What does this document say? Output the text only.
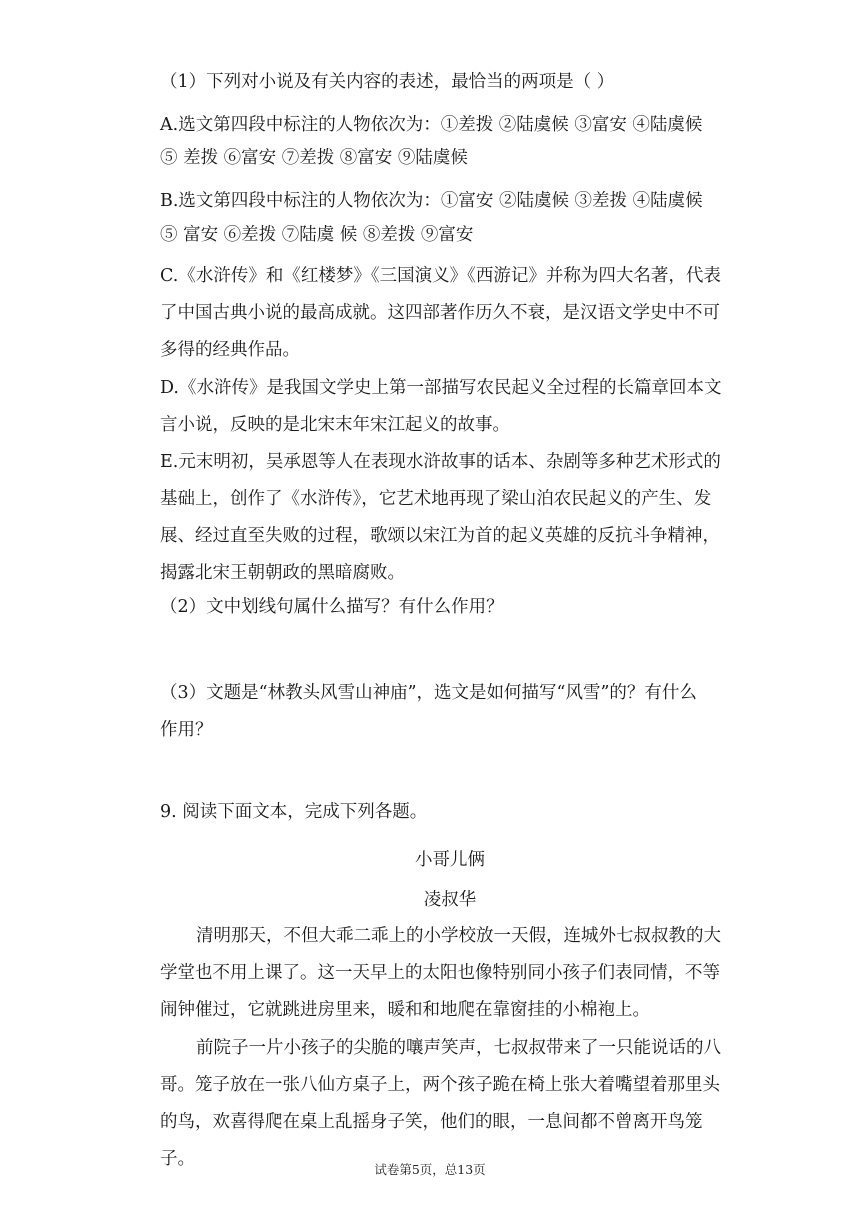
（1）下列对小说及有关内容的表述，最恰当的两项是（ ）
A.选文第四段中标注的人物依次为：①差拨 ②陆虞候 ③富安 ④陆虞候
⑤ 差拨 ⑥富安 ⑦差拨 ⑧富安 ⑨陆虞候
B.选文第四段中标注的人物依次为：①富安 ②陆虞候 ③差拨 ④陆虞候
⑤ 富安 ⑥差拨 ⑦陆虞 候 ⑧差拨 ⑨富安
C.《水浒传》和《红楼梦》《三国演义》《西游记》并称为四大名著，代表了中国古典小说的最高成就。这四部著作历久不衰，是汉语文学史中不可多得的经典作品。
D.《水浒传》是我国文学史上第一部描写农民起义全过程的长篇章回本文言小说，反映的是北宋末年宋江起义的故事。
E.元末明初，吴承恩等人在表现水浒故事的话本、杂剧等多种艺术形式的基础上，创作了《水浒传》，它艺术地再现了梁山泊农民起义的产生、发展、经过直至失败的过程，歌颂以宋江为首的起义英雄的反抗斗争精神，揭露北宋王朝朝政的黑暗腐败。
（2）文中划线句属什么描写？有什么作用？
（3）文题是“林教头风雪山神庙”，选文是如何描写“风雪”的？有什么作用？
9. 阅读下面文本，完成下列各题。
小哥儿俩
凌叔华
清明那天，不但大乖二乖上的小学校放一天假，连城外七叔叔教的大学堂也不用上课了。这一天早上的太阳也像特别同小孩子们表同情，不等闹钟催过，它就跳进房里来，暖和和地爬在靠窗挂的小棉袍上。
前院子一片小孩子的尖脆的嚷声笑声，七叔叔带来了一只能说话的八哥。笼子放在一张八仙方桌子上，两个孩子跪在椅上张大着嘴望着那里头的鸟，欢喜得爬在桌上乱摇身子笑，他们的眼，一息间都不曾离开鸟笼子。
试卷第5页，总13页
